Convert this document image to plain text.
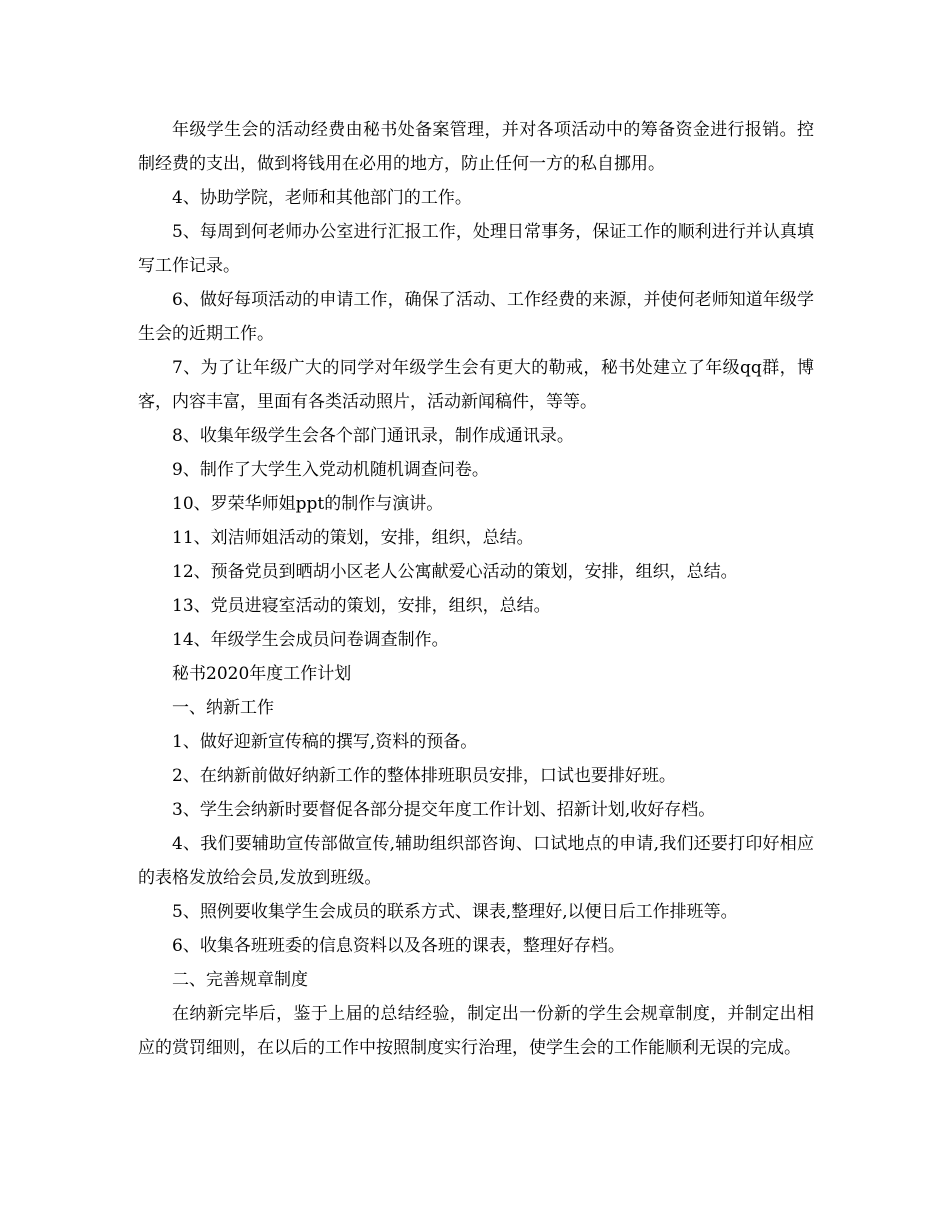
年级学生会的活动经费由秘书处备案管理，并对各项活动中的筹备资金进行报销。控制经费的支出，做到将钱用在必用的地方，防止任何一方的私自挪用。

4、协助学院，老师和其他部门的工作。

5、每周到何老师办公室进行汇报工作，处理日常事务，保证工作的顺利进行并认真填写工作记录。

6、做好每项活动的申请工作，确保了活动、工作经费的来源，并使何老师知道年级学生会的近期工作。

7、为了让年级广大的同学对年级学生会有更大的勒戒，秘书处建立了年级qq群，博客，内容丰富，里面有各类活动照片，活动新闻稿件，等等。

8、收集年级学生会各个部门通讯录，制作成通讯录。

9、制作了大学生入党动机随机调查问卷。

10、罗荣华师姐ppt的制作与演讲。

11、刘洁师姐活动的策划，安排，组织，总结。

12、预备党员到晒胡小区老人公寓献爱心活动的策划，安排，组织，总结。

13、党员进寝室活动的策划，安排，组织，总结。

14、年级学生会成员问卷调查制作。

秘书2020年度工作计划

一、纳新工作

1、做好迎新宣传稿的撰写,资料的预备。

2、在纳新前做好纳新工作的整体排班职员安排，口试也要排好班。

3、学生会纳新时要督促各部分提交年度工作计划、招新计划,收好存档。

4、我们要辅助宣传部做宣传,辅助组织部咨询、口试地点的申请,我们还要打印好相应的表格发放给会员,发放到班级。

5、照例要收集学生会成员的联系方式、课表,整理好,以便日后工作排班等。

6、收集各班班委的信息资料以及各班的课表，整理好存档。

二、完善规章制度

在纳新完毕后，鉴于上届的总结经验，制定出一份新的学生会规章制度，并制定出相应的赏罚细则，在以后的工作中按照制度实行治理，使学生会的工作能顺利无误的完成。
